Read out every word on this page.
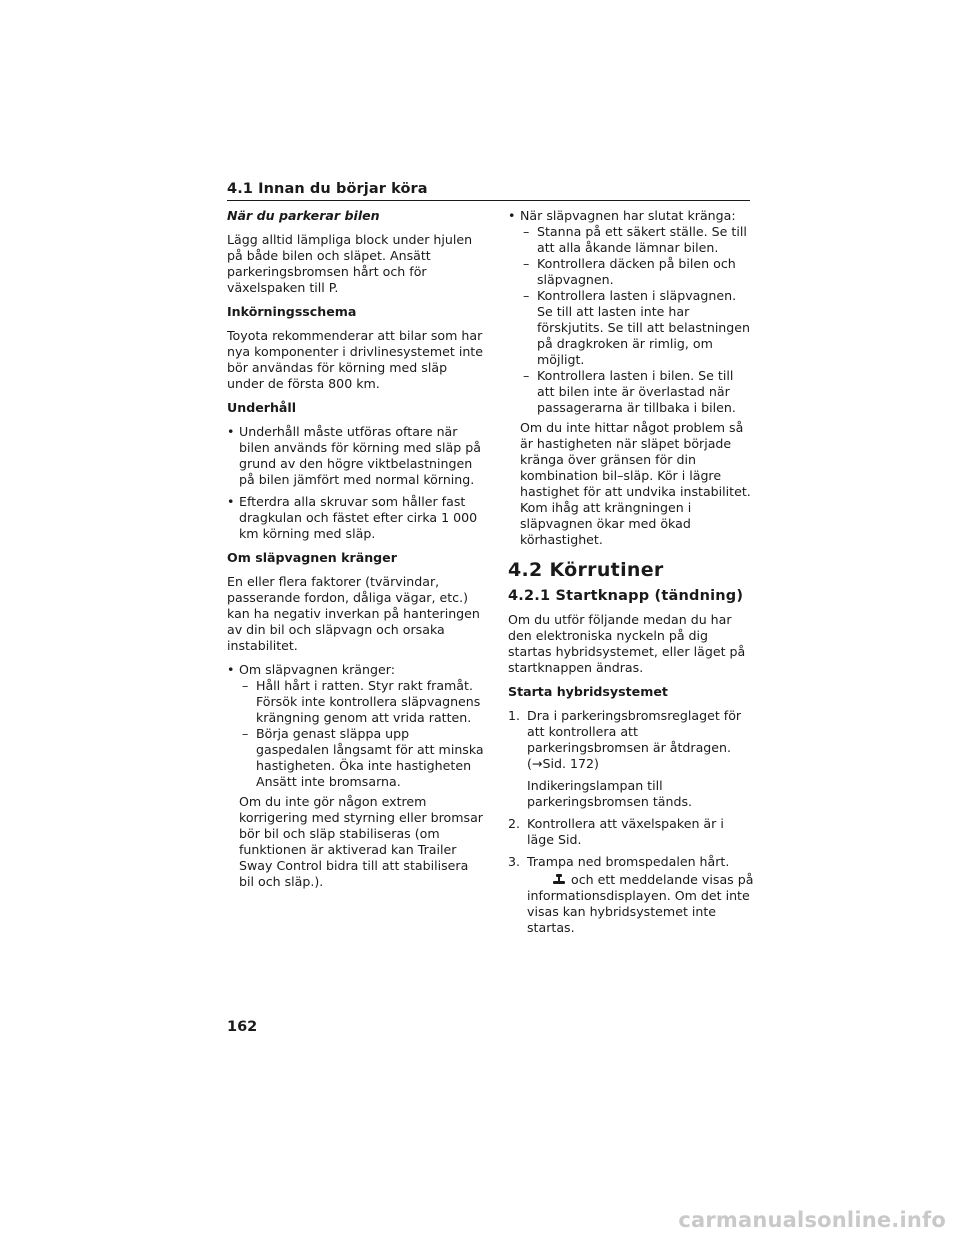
4.1 Innan du börjar köra

När du parkerar bilen

Lägg alltid lämpliga block under hjulen på både bilen och släpet. Ansätt parkeringsbromsen hårt och för växelspaken till P.

Inkörningsschema

Toyota rekommenderar att bilar som har nya komponenter i drivlinesystemet inte bör användas för körning med släp under de första 800 km.

Underhåll

• Underhåll måste utföras oftare när bilen används för körning med släp på grund av den högre viktbelastningen på bilen jämfört med normal körning.
• Efterdra alla skruvar som håller fast dragkulan och fästet efter cirka 1 000 km körning med släp.

Om släpvagnen kränger

En eller flera faktorer (tvärvindar, passerande fordon, dåliga vägar, etc.) kan ha negativ inverkan på hanteringen av din bil och släpvagn och orsaka instabilitet.

• Om släpvagnen kränger:
– Håll hårt i ratten. Styr rakt framåt. Försök inte kontrollera släpvagnens krängning genom att vrida ratten.
– Börja genast släppa upp gaspedalen långsamt för att minska hastigheten. Öka inte hastigheten Ansätt inte bromsarna.

Om du inte gör någon extrem korrigering med styrning eller bromsar bör bil och släp stabiliseras (om funktionen är aktiverad kan Trailer Sway Control bidra till att stabilisera bil och släp.).

• När släpvagnen har slutat kränga:
– Stanna på ett säkert ställe. Se till att alla åkande lämnar bilen.
– Kontrollera däcken på bilen och släpvagnen.
– Kontrollera lasten i släpvagnen. Se till att lasten inte har förskjutits. Se till att belastningen på dragkroken är rimlig, om möjligt.
– Kontrollera lasten i bilen. Se till att bilen inte är överlastad när passagerarna är tillbaka i bilen.

Om du inte hittar något problem så är hastigheten när släpet började kränga över gränsen för din kombination bil–släp. Kör i lägre hastighet för att undvika instabilitet. Kom ihåg att krängningen i släpvagnen ökar med ökad körhastighet.

4.2 Körrutiner
4.2.1 Startknapp (tändning)

Om du utför följande medan du har den elektroniska nyckeln på dig startas hybridsystemet, eller läget på startknappen ändras.

Starta hybridsystemet

1. Dra i parkeringsbromsreglaget för att kontrollera att parkeringsbromsen är åtdragen. (→Sid. 172)

Indikeringslampan till parkeringsbromsen tänds.

2. Kontrollera att växelspaken är i läge Sid.
3. Trampa ned bromspedalen hårt.

och ett meddelande visas på informationsdisplayen. Om det inte visas kan hybridsystemet inte startas.

162
carmanualsonline.info
